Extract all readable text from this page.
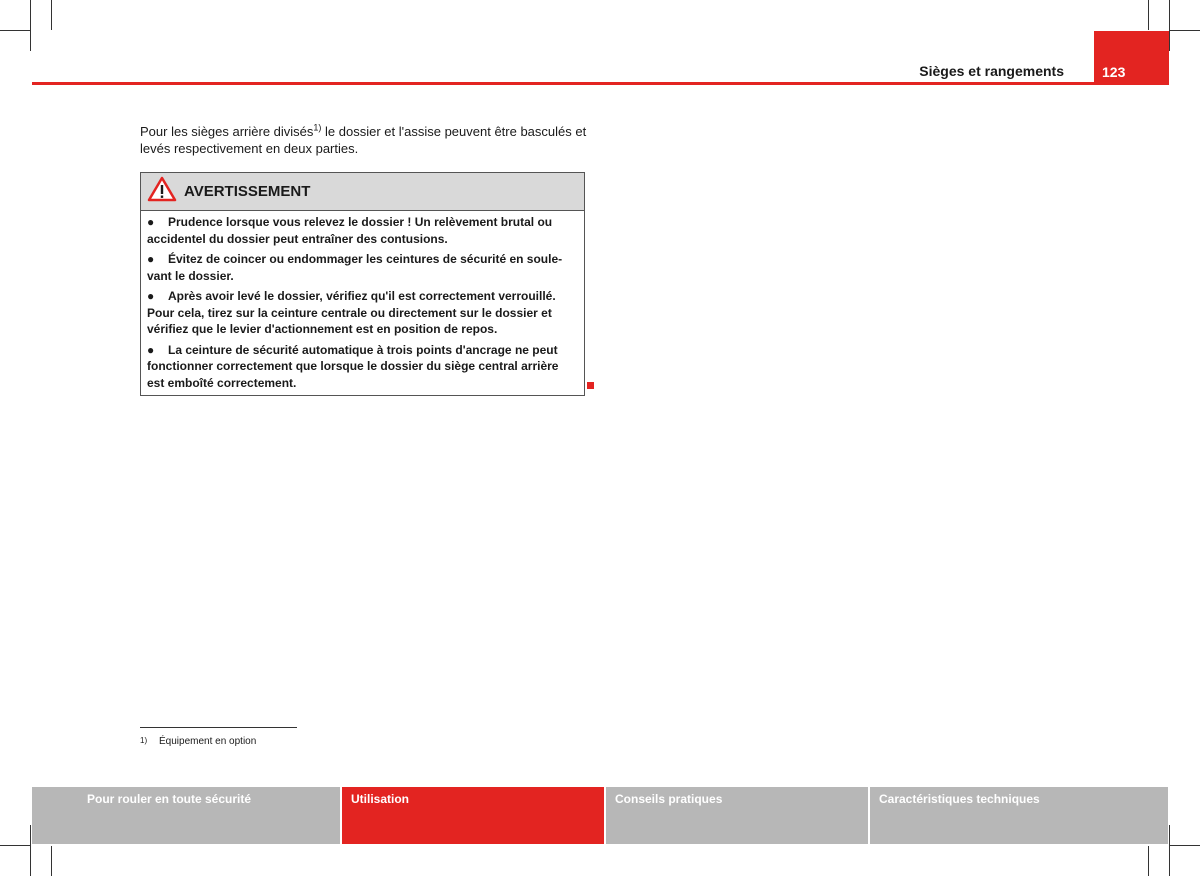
Sièges et rangements	123
Pour les sièges arrière divisés$^{1)}$ le dossier et l'assise peuvent être basculés et levés respectivement en deux parties.
AVERTISSEMENT
● Prudence lorsque vous relevez le dossier ! Un relèvement brutal ou accidentel du dossier peut entraîner des contusions.
● Évitez de coincer ou endommager les ceintures de sécurité en soule-vant le dossier.
● Après avoir levé le dossier, vérifiez qu'il est correctement verrouillé. Pour cela, tirez sur la ceinture centrale ou directement sur le dossier et vérifiez que le levier d'actionnement est en position de repos.
● La ceinture de sécurité automatique à trois points d'ancrage ne peut fonctionner correctement que lorsque le dossier du siège central arrière est emboîté correctement.
1) Équipement en option
Pour rouler en toute sécurité	Utilisation	Conseils pratiques	Caractéristiques techniques
